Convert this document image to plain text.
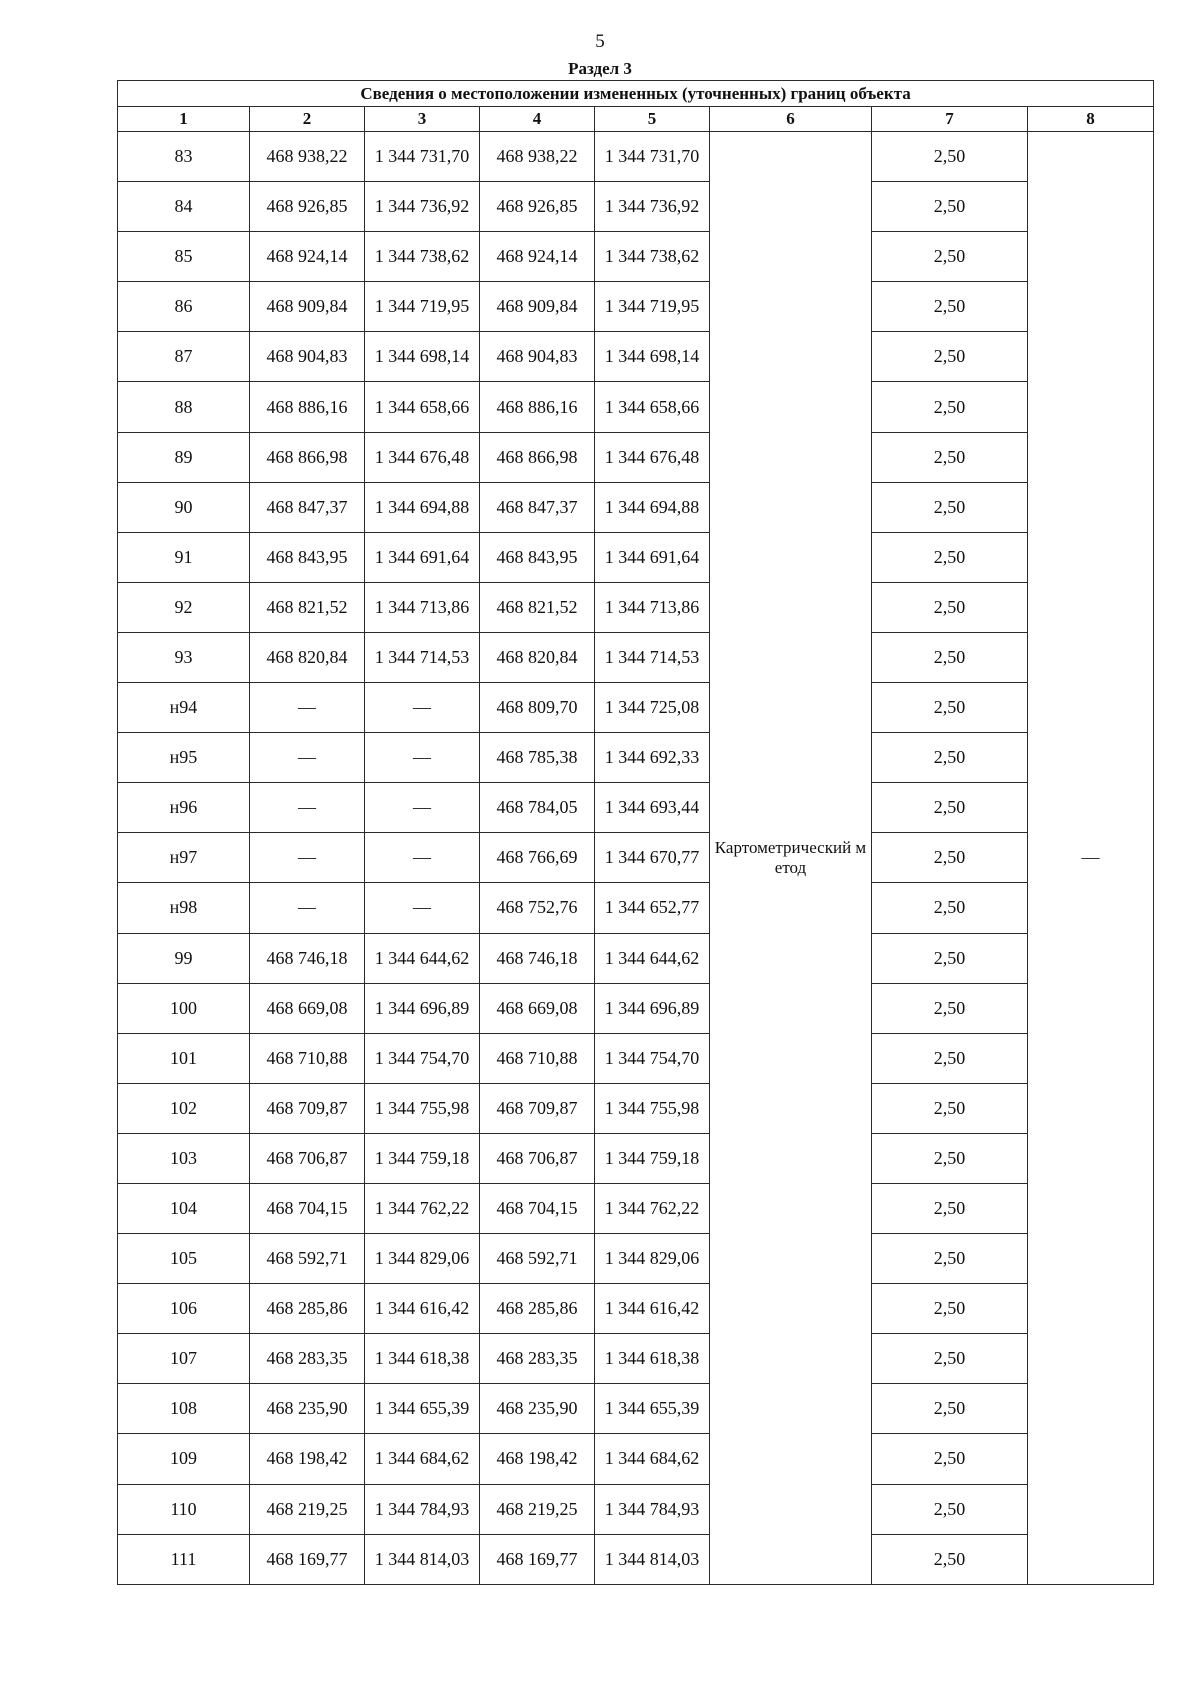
5
Раздел 3
Сведения о местоположении измененных (уточненных) границ объекта							
1	2	3	4	5	6	7	8
83	468 938,22	1 344 731,70	468 938,22	1 344 731,70	Картометрический метод	2,50	—
84	468 926,85	1 344 736,92	468 926,85	1 344 736,92		2,50	
85	468 924,14	1 344 738,62	468 924,14	1 344 738,62		2,50	
86	468 909,84	1 344 719,95	468 909,84	1 344 719,95		2,50	
87	468 904,83	1 344 698,14	468 904,83	1 344 698,14		2,50	
88	468 886,16	1 344 658,66	468 886,16	1 344 658,66		2,50	
89	468 866,98	1 344 676,48	468 866,98	1 344 676,48		2,50	
90	468 847,37	1 344 694,88	468 847,37	1 344 694,88		2,50	
91	468 843,95	1 344 691,64	468 843,95	1 344 691,64		2,50	
92	468 821,52	1 344 713,86	468 821,52	1 344 713,86		2,50	
93	468 820,84	1 344 714,53	468 820,84	1 344 714,53		2,50	
н94	—	—	468 809,70	1 344 725,08		2,50	
н95	—	—	468 785,38	1 344 692,33		2,50	
н96	—	—	468 784,05	1 344 693,44		2,50	
н97	—	—	468 766,69	1 344 670,77		2,50	
н98	—	—	468 752,76	1 344 652,77		2,50	
99	468 746,18	1 344 644,62	468 746,18	1 344 644,62		2,50	
100	468 669,08	1 344 696,89	468 669,08	1 344 696,89		2,50	
101	468 710,88	1 344 754,70	468 710,88	1 344 754,70		2,50	
102	468 709,87	1 344 755,98	468 709,87	1 344 755,98		2,50	
103	468 706,87	1 344 759,18	468 706,87	1 344 759,18		2,50	
104	468 704,15	1 344 762,22	468 704,15	1 344 762,22		2,50	
105	468 592,71	1 344 829,06	468 592,71	1 344 829,06		2,50	
106	468 285,86	1 344 616,42	468 285,86	1 344 616,42		2,50	
107	468 283,35	1 344 618,38	468 283,35	1 344 618,38		2,50	
108	468 235,90	1 344 655,39	468 235,90	1 344 655,39		2,50	
109	468 198,42	1 344 684,62	468 198,42	1 344 684,62		2,50	
110	468 219,25	1 344 784,93	468 219,25	1 344 784,93		2,50	
111	468 169,77	1 344 814,03	468 169,77	1 344 814,03		2,50	
